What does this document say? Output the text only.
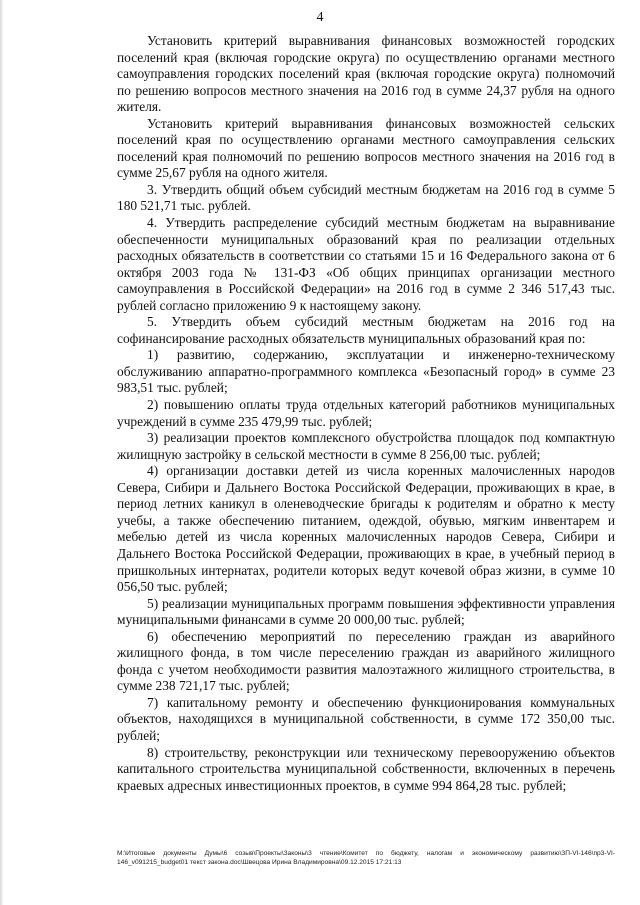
4

Установить критерий выравнивания финансовых возможностей городских поселений края (включая городские округа) по осуществлению органами местного самоуправления городских поселений края (включая городские округа) полномочий по решению вопросов местного значения на 2016 год в сумме 24,37 рубля на одного жителя.

Установить критерий выравнивания финансовых возможностей сельских поселений края по осуществлению органами местного самоуправления сельских поселений края полномочий по решению вопросов местного значения на 2016 год в сумме 25,67 рубля на одного жителя.

3. Утвердить общий объем субсидий местным бюджетам на 2016 год в сумме 5 180 521,71 тыс. рублей.

4. Утвердить распределение субсидий местным бюджетам на выравнивание обеспеченности муниципальных образований края по реализации отдельных расходных обязательств в соответствии со статьями 15 и 16 Федерального закона от 6 октября 2003 года № 131-ФЗ «Об общих принципах организации местного самоуправления в Российской Федерации» на 2016 год в сумме 2 346 517,43 тыс. рублей согласно приложению 9 к настоящему закону.

5. Утвердить объем субсидий местным бюджетам на 2016 год на софинансирование расходных обязательств муниципальных образований края по:

1) развитию, содержанию, эксплуатации и инженерно-техническому обслуживанию аппаратно-программного комплекса «Безопасный город» в сумме 23 983,51 тыс. рублей;

2) повышению оплаты труда отдельных категорий работников муниципальных учреждений в сумме 235 479,99 тыс. рублей;

3) реализации проектов комплексного обустройства площадок под компактную жилищную застройку в сельской местности в сумме 8 256,00 тыс. рублей;

4) организации доставки детей из числа коренных малочисленных народов Севера, Сибири и Дальнего Востока Российской Федерации, проживающих в крае, в период летних каникул в оленеводческие бригады к родителям и обратно к месту учебы, а также обеспечению питанием, одеждой, обувью, мягким инвентарем и мебелью детей из числа коренных малочисленных народов Севера, Сибири и Дальнего Востока Российской Федерации, проживающих в крае, в учебный период в пришкольных интернатах, родители которых ведут кочевой образ жизни, в сумме 10 056,50 тыс. рублей;

5) реализации муниципальных программ повышения эффективности управления муниципальными финансами в сумме 20 000,00 тыс. рублей;

6) обеспечению мероприятий по переселению граждан из аварийного жилищного фонда, в том числе переселению граждан из аварийного жилищного фонда с учетом необходимости развития малоэтажного жилищного строительства, в сумме 238 721,17 тыс. рублей;

7) капитальному ремонту и обеспечению функционирования коммунальных объектов, находящихся в муниципальной собственности, в сумме 172 350,00 тыс. рублей;

8) строительству, реконструкции или техническому перевооружению объектов капитального строительства муниципальной собственности, включенных в перечень краевых адресных инвестиционных проектов, в сумме 994 864,28 тыс. рублей;

М:\Итоговые документы Думы\6 созыв\Проекты\Законы\3 чтение\Комитет по бюджету, налогам и экономическому развитию\ЗП-VI-146\пр3-VI-146_v091215_budget01 текст закона.doc\Швецова Ирина Владимировна\09.12.2015 17:21:13
